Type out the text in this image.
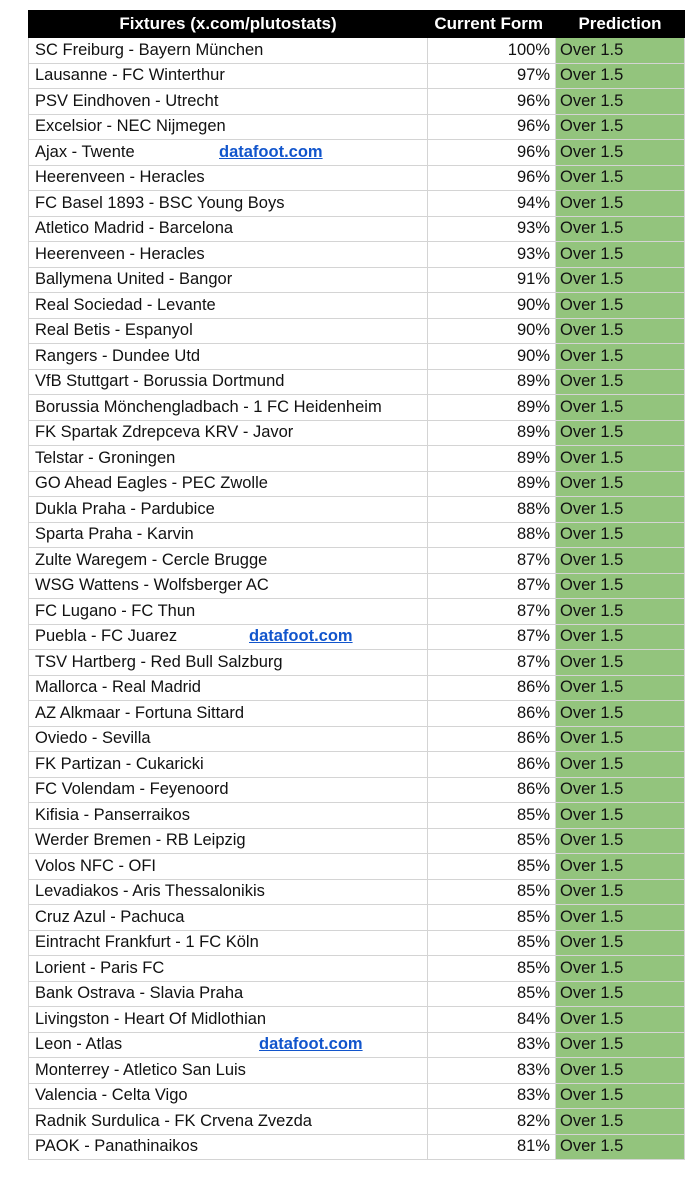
Fixtures (x.com/plutostats)	Current Form	Prediction
SC Freiburg - Bayern München	100%	Over 1.5
Lausanne - FC Winterthur	97%	Over 1.5
PSV Eindhoven - Utrecht	96%	Over 1.5
Excelsior - NEC Nijmegen	96%	Over 1.5
Ajax - Twente datafoot.com	96%	Over 1.5
Heerenveen - Heracles	96%	Over 1.5
FC Basel 1893 - BSC Young Boys	94%	Over 1.5
Atletico Madrid - Barcelona	93%	Over 1.5
Heerenveen - Heracles	93%	Over 1.5
Ballymena United - Bangor	91%	Over 1.5
Real Sociedad - Levante	90%	Over 1.5
Real Betis - Espanyol	90%	Over 1.5
Rangers - Dundee Utd	90%	Over 1.5
VfB Stuttgart - Borussia Dortmund	89%	Over 1.5
Borussia Mönchengladbach - 1 FC Heidenheim	89%	Over 1.5
FK Spartak Zdrepceva KRV - Javor	89%	Over 1.5
Telstar - Groningen	89%	Over 1.5
GO Ahead Eagles - PEC Zwolle	89%	Over 1.5
Dukla Praha - Pardubice	88%	Over 1.5
Sparta Praha - Karvin	88%	Over 1.5
Zulte Waregem - Cercle Brugge	87%	Over 1.5
WSG Wattens - Wolfsberger AC	87%	Over 1.5
FC Lugano - FC Thun	87%	Over 1.5
Puebla - FC Juarez datafoot.com	87%	Over 1.5
TSV Hartberg - Red Bull Salzburg	87%	Over 1.5
Mallorca - Real Madrid	86%	Over 1.5
AZ Alkmaar - Fortuna Sittard	86%	Over 1.5
Oviedo - Sevilla	86%	Over 1.5
FK Partizan - Cukaricki	86%	Over 1.5
FC Volendam - Feyenoord	86%	Over 1.5
Kifisia - Panserraikos	85%	Over 1.5
Werder Bremen - RB Leipzig	85%	Over 1.5
Volos NFC - OFI	85%	Over 1.5
Levadiakos - Aris Thessalonikis	85%	Over 1.5
Cruz Azul - Pachuca	85%	Over 1.5
Eintracht Frankfurt - 1 FC Köln	85%	Over 1.5
Lorient - Paris FC	85%	Over 1.5
Bank Ostrava - Slavia Praha	85%	Over 1.5
Livingston - Heart Of Midlothian	84%	Over 1.5
Leon - Atlas datafoot.com	83%	Over 1.5
Monterrey - Atletico San Luis	83%	Over 1.5
Valencia - Celta Vigo	83%	Over 1.5
Radnik Surdulica - FK Crvena Zvezda	82%	Over 1.5
PAOK - Panathinaikos	81%	Over 1.5
